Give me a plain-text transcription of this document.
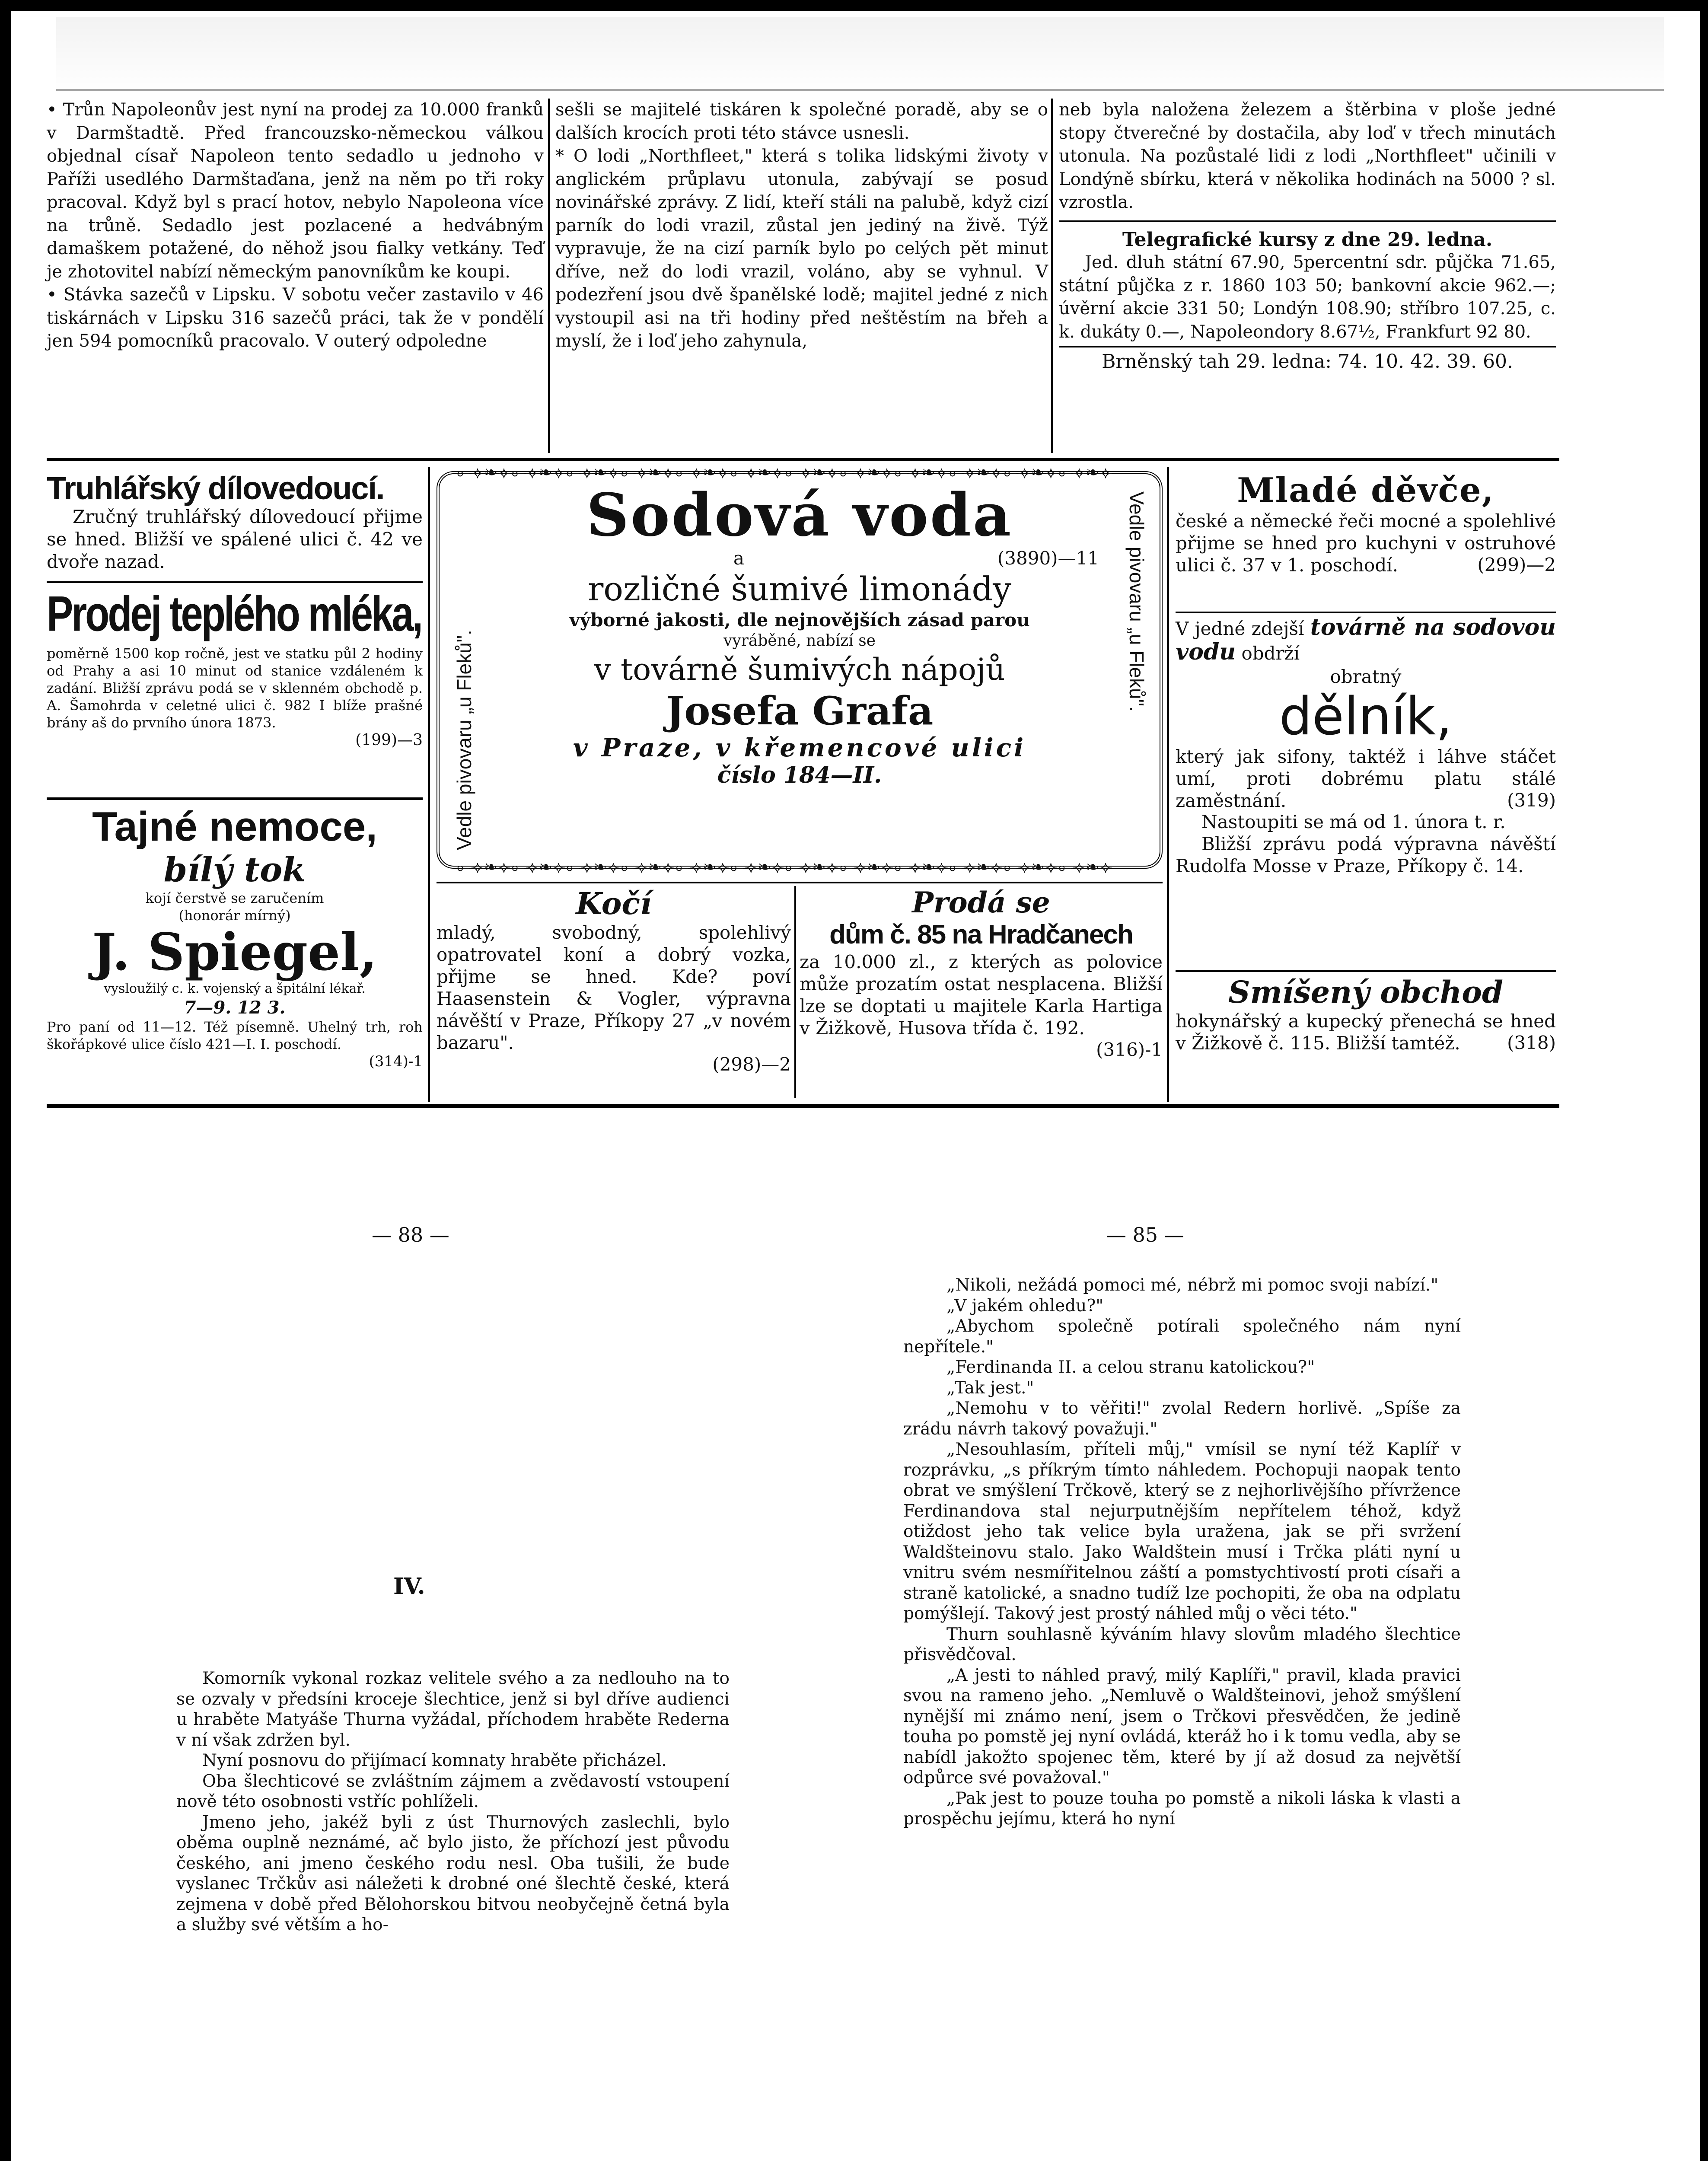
• Trůn Napoleonův jest nyní na prodej za 10.000 franků v Darmštadtě. Před francouzsko-německou válkou objednal císař Napoleon tento sedadlo u jednoho v Paříži usedlého Darmštaďana, jenž na něm po tři roky pracoval. Když byl s prací hotov, nebylo Napoleona více na trůně. Sedadlo jest pozlacené a hedvábným damaškem potažené, do něhož jsou fialky vetkány. Teď je zhotovitel nabízí německým panovníkům ke koupi.

• Stávka sazečů v Lipsku. V sobotu večer zastavilo v 46 tiskárnách v Lipsku 316 sazečů práci, tak že v pondělí jen 594 pomocníků pracovalo. V outerý odpoledne

sešli se majitelé tiskáren k společné poradě, aby se o dalších krocích proti této stávce usnesli.

* O lodi „Northfleet," která s tolika lidskými životy v anglickém průplavu utonula, zabývají se posud novinářské zprávy. Z lidí, kteří stáli na palubě, když cizí parník do lodi vrazil, zůstal jen jediný na živě. Týž vypravuje, že na cizí parník bylo po celých pět minut dříve, než do lodi vrazil, voláno, aby se vyhnul. V podezření jsou dvě španělské lodě; majitel jedné z nich vystoupil asi na tři hodiny před neštěstím na břeh a myslí, že i loď jeho zahynula,

neb byla naložena železem a štěrbina v ploše jedné stopy čtverečné by dostačila, aby loď v třech minutách utonula. Na pozůstalé lidi z lodi „Northfleet" učinili v Londýně sbírku, která v několika hodinách na 5000 ? sl. vzrostla.

Telegrafické kursy z dne 29. ledna.

Jed. dluh státní 67.90, 5percentní sdr. půjčka 71.65, státní půjčka z r. 1860 103 50; bankovní akcie 962.—; úvěrní akcie 331 50; Londýn 108.90; stříbro 107.25, c. k. dukáty 0.—, Napoleondory 8.67½, Frankfurt 92 80.

Brněnský tah 29. ledna: 74. 10. 42. 39. 60.

Truhlářský dílovedoucí.

Zručný truhlářský dílovedoucí přijme se hned. Bližší ve spálené ulici č. 42 ve dvoře nazad.

Prodej teplého mléka,

poměrně 1500 kop ročně, jest ve statku půl 2 hodiny od Prahy a asi 10 minut od stanice vzdáleném k zadání. Bližší zprávu podá se v sklenném obchodě p. A. Šamohrda v celetné ulici č. 982 I blíže prašné brány aš do prvního února 1873.

(199)—3

Tajné nemoce,

bílý tok

kojí čerstvě se zaručením

(honorár mírný)

J. Spiegel,

vysloužilý c. k. vojenský a špitální lékař.

7—9. 12 3.

Pro paní od 11—12. Též písemně. Uhelný trh, roh škořápkové ulice číslo 421—I. I. poschodí.

(314)-1

⟜⟢❧⟣⟜⟢❧⟣⟜⟢❧⟣⟜⟢❧⟣⟜⟢❧⟣⟜⟢❧⟣⟜⟢❧⟣⟜⟢❧⟣⟜⟢❧⟣⟜⟢❧⟣⟜⟢❧⟣⟜⟢❧⟣
⟜⟢❧⟣⟜⟢❧⟣⟜⟢❧⟣⟜⟢❧⟣⟜⟢❧⟣⟜⟢❧⟣⟜⟢❧⟣⟜⟢❧⟣⟜⟢❧⟣⟜⟢❧⟣⟜⟢❧⟣⟜⟢❧⟣
Vedle pivovaru „u Fleků".
Vedle pivovaru „u Fleků".

Sodová voda

a	(3890)—11

rozličné šumivé limonády

výborné jakosti, dle nejnovějších zásad parou

vyráběné, nabízí se

v továrně šumivých nápojů

Josefa Grafa

v Praze, v křemencové ulici

číslo 184—II.

Mladé děvče,

české a německé řeči mocné a spolehlivé přijme se hned pro kuchyni v ostruhové ulici č. 37 v 1. poschodí.	(299)—2

V jedné zdejší továrně na sodovou vodu obdrží

obratný

dělník,

který jak sifony, taktéž i láhve stáčet umí, proti dobrému platu stálé zaměstnání.	(319)

Nastoupiti se má od 1. února t. r.

Bližší zprávu podá výpravna návěští Rudolfa Mosse v Praze, Příkopy č. 14.

Smíšený obchod

hokynářský a kupecký přenechá se hned v Žižkově č. 115. Bližší tamtéž.	(318)

Kočí

mladý, svobodný, spolehlivý opatrovatel koní a dobrý vozka, přijme se hned. Kde? poví Haasenstein & Vogler, výpravna návěští v Praze, Příkopy 27 „v novém bazaru".

(298)—2

Prodá se

dům č. 85 na Hradčanech

za 10.000 zl., z kterých as polovice může prozatím ostat nesplacena. Bližší lze se doptati u majitele Karla Hartiga v Žižkově, Husova třída č. 192.

(316)-1

— 88 —	— 85 —
IV.

Komorník vykonal rozkaz velitele svého a za nedlouho na to se ozvaly v předsíni kroceje šlechtice, jenž si byl dříve audienci u hraběte Matyáše Thurna vyžádal, příchodem hraběte Rederna v ní však zdržen byl.

Nyní posnovu do přijímací komnaty hraběte přicházel.

Oba šlechticové se zvláštním zájmem a zvědavostí vstoupení nově této osobnosti vstříc pohlíželi.

Jmeno jeho, jakéž byli z úst Thurnových zaslechli, bylo oběma ouplně neznámé, ač bylo jisto, že příchozí jest původu českého, ani jmeno českého rodu nesl. Oba tušili, že bude vyslanec Trčkův asi náležeti k drobné oné šlechtě české, která zejmena v době před Bělohorskou bitvou neobyčejně četná byla a služby své větším a ho-

„Nikoli, nežádá pomoci mé, nébrž mi pomoc svoji nabízí."

„V jakém ohledu?"

„Abychom společně potírali společného nám nyní nepřítele."

„Ferdinanda II. a celou stranu katolickou?"

„Tak jest."

„Nemohu v to věřiti!" zvolal Redern horlivě. „Spíše za zrádu návrh takový považuji."

„Nesouhlasím, příteli můj," vmísil se nyní též Kaplíř v rozprávku, „s příkrým tímto náhledem. Pochopuji naopak tento obrat ve smýšlení Trčkově, který se z nejhorlivějšího přívržence Ferdinandova stal nejurputnějším nepřítelem téhož, když otiždost jeho tak velice byla uražena, jak se při svržení Waldšteinovu stalo. Jako Waldštein musí i Trčka pláti nyní u vnitru svém nesmířitelnou záští a pomstychtivostí proti císaři a straně katolické, a snadno tudíž lze pochopiti, že oba na odplatu pomýšlejí. Takový jest prostý náhled můj o věci této."

Thurn souhlasně kýváním hlavy slovům mladého šlechtice přisvědčoval.

„A jesti to náhled pravý, milý Kaplíři," pravil, klada pravici svou na rameno jeho. „Nemluvě o Waldšteinovi, jehož smýšlení nynější mi známo není, jsem o Trčkovi přesvědčen, že jedině touha po pomstě jej nyní ovládá, kteráž ho i k tomu vedla, aby se nabídl jakožto spojenec těm, které by jí až dosud za největší odpůrce své považoval."

„Pak jest to pouze touha po pomstě a nikoli láska k vlasti a prospěchu jejímu, která ho nyní
